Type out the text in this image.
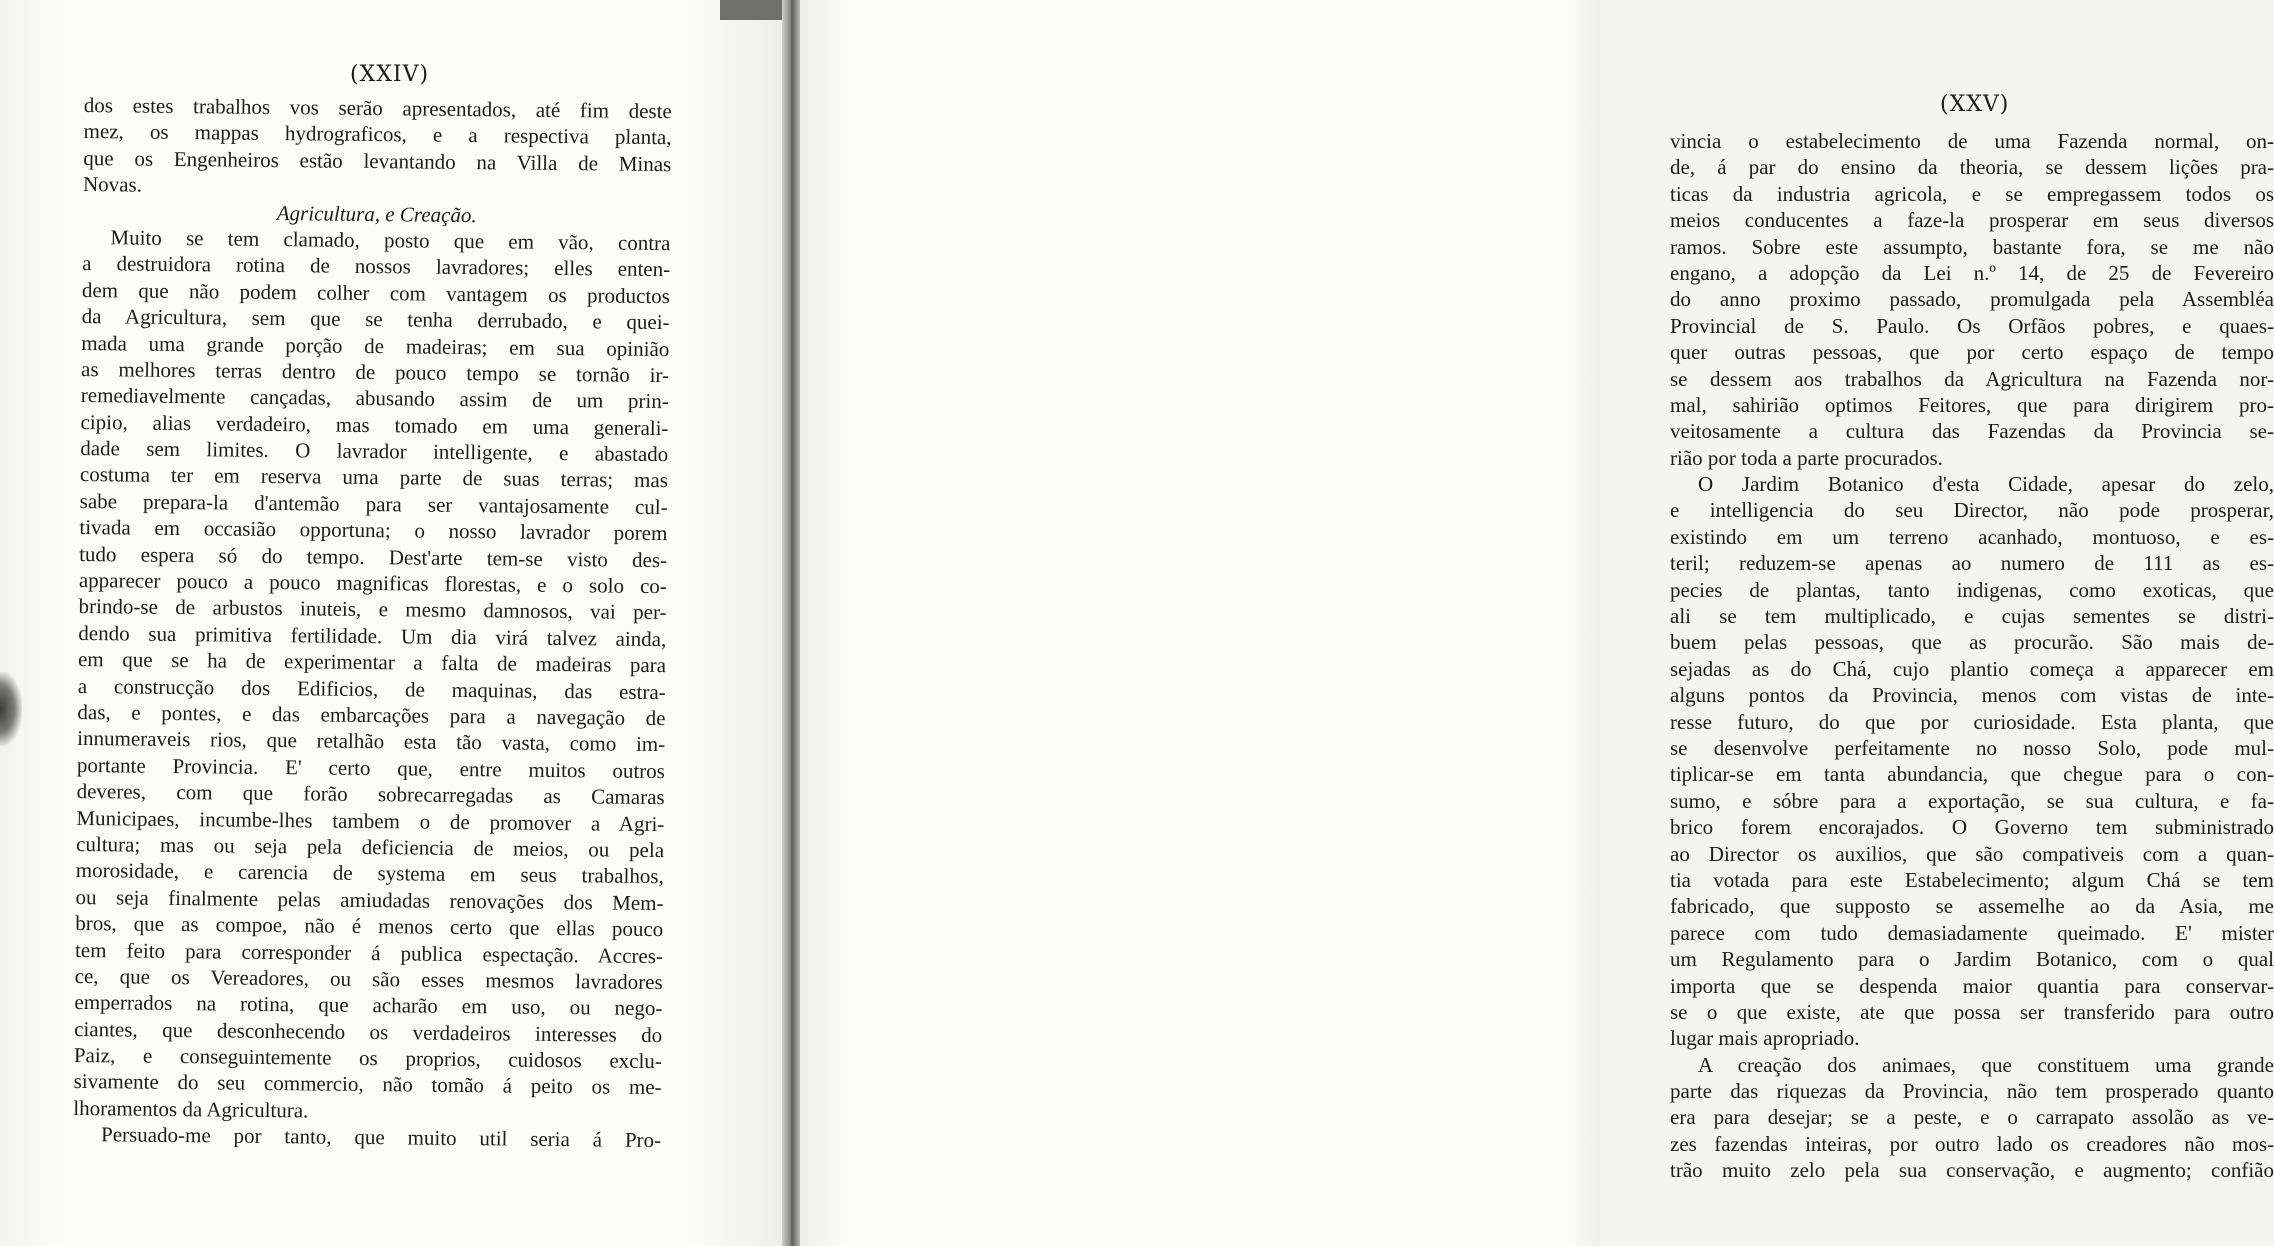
(XXIV)
dos estes trabalhos vos serão apresentados, até fim deste
mez, os mappas hydrograficos, e a respectiva planta,
que os Engenheiros estão levantando na Villa de Minas
Novas.
Agricultura, e Creação.
Muito se tem clamado, posto que em vão, contra
a destruidora rotina de nossos lavradores; elles enten-
dem que não podem colher com vantagem os productos
da Agricultura, sem que se tenha derrubado, e quei-
mada uma grande porção de madeiras; em sua opinião
as melhores terras dentro de pouco tempo se tornão ir-
remediavelmente cançadas, abusando assim de um prin-
cipio, alias verdadeiro, mas tomado em uma generali-
dade sem limites. O lavrador intelligente, e abastado
costuma ter em reserva uma parte de suas terras; mas
sabe prepara-la d'antemão para ser vantajosamente cul-
tivada em occasião opportuna; o nosso lavrador porem
tudo espera só do tempo. Dest'arte tem-se visto des-
apparecer pouco a pouco magnificas florestas, e o solo co-
brindo-se de arbustos inuteis, e mesmo damnosos, vai per-
dendo sua primitiva fertilidade. Um dia virá talvez ainda,
em que se ha de experimentar a falta de madeiras para
a construcção dos Edificios, de maquinas, das estra-
das, e pontes, e das embarcações para a navegação de
innumeraveis rios, que retalhão esta tão vasta, como im-
portante Provincia. E' certo que, entre muitos outros
deveres, com que forão sobrecarregadas as Camaras
Municipaes, incumbe-lhes tambem o de promover a Agri-
cultura; mas ou seja pela deficiencia de meios, ou pela
morosidade, e carencia de systema em seus trabalhos,
ou seja finalmente pelas amiudadas renovações dos Mem-
bros, que as compoe, não é menos certo que ellas pouco
tem feito para corresponder á publica espectação. Accres-
ce, que os Vereadores, ou são esses mesmos lavradores
emperrados na rotina, que acharão em uso, ou nego-
ciantes, que desconhecendo os verdadeiros interesses do
Paiz, e conseguintemente os proprios, cuidosos exclu-
sivamente do seu commercio, não tomão á peito os me-
lhoramentos da Agricultura.
Persuado-me por tanto, que muito util seria á Pro-
(XXV)
vincia o estabelecimento de uma Fazenda normal, on-
de, á par do ensino da theoria, se dessem lições pra-
ticas da industria agricola, e se empregassem todos os
meios conducentes a faze-la prosperar em seus diversos
ramos. Sobre este assumpto, bastante fora, se me não
engano, a adopção da Lei n.º 14, de 25 de Fevereiro
do anno proximo passado, promulgada pela Assembléa
Provincial de S. Paulo. Os Orfãos pobres, e quaes-
quer outras pessoas, que por certo espaço de tempo
se dessem aos trabalhos da Agricultura na Fazenda nor-
mal, sahirião optimos Feitores, que para dirigirem pro-
veitosamente a cultura das Fazendas da Provincia se-
rião por toda a parte procurados.
O Jardim Botanico d'esta Cidade, apesar do zelo,
e intelligencia do seu Director, não pode prosperar,
existindo em um terreno acanhado, montuoso, e es-
teril; reduzem-se apenas ao numero de 111 as es-
pecies de plantas, tanto indigenas, como exoticas, que
ali se tem multiplicado, e cujas sementes se distri-
buem pelas pessoas, que as procurão. São mais de-
sejadas as do Chá, cujo plantio começa a apparecer em
alguns pontos da Provincia, menos com vistas de inte-
resse futuro, do que por curiosidade. Esta planta, que
se desenvolve perfeitamente no nosso Solo, pode mul-
tiplicar-se em tanta abundancia, que chegue para o con-
sumo, e sóbre para a exportação, se sua cultura, e fa-
brico forem encorajados. O Governo tem subministrado
ao Director os auxilios, que são compativeis com a quan-
tia votada para este Estabelecimento; algum Chá se tem
fabricado, que supposto se assemelhe ao da Asia, me
parece com tudo demasiadamente queimado. E' mister
um Regulamento para o Jardim Botanico, com o qual
importa que se despenda maior quantia para conservar-
se o que existe, ate que possa ser transferido para outro
lugar mais apropriado.
A creação dos animaes, que constituem uma grande
parte das riquezas da Provincia, não tem prosperado quanto
era para desejar; se a peste, e o carrapato assolão as ve-
zes fazendas inteiras, por outro lado os creadores não mos-
trão muito zelo pela sua conservação, e augmento; confião
